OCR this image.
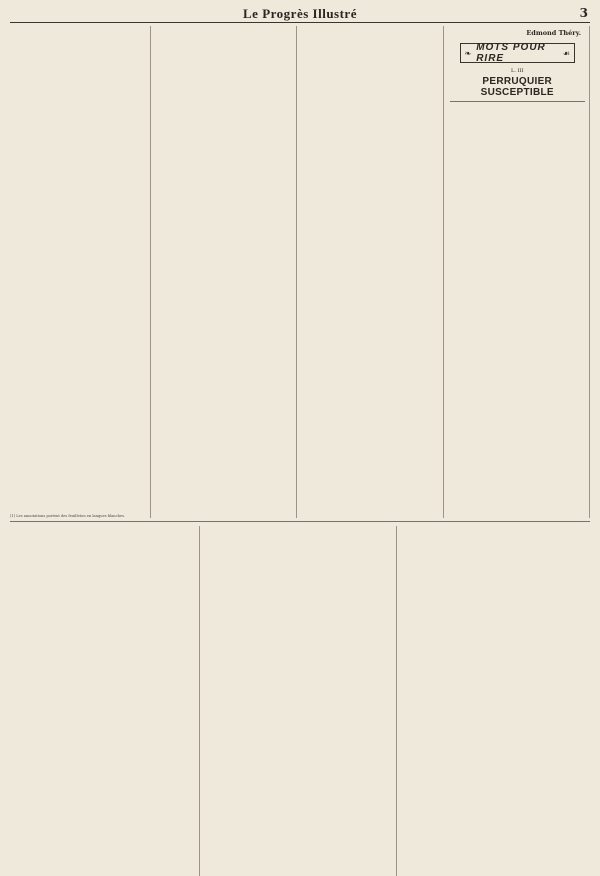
Le Progrès Illustré	3

Edmond Théry.
❧ MOTS POUR RIRE	☙

L. III
PERRUQUIER SUSCEPTIBLE

(1) Les annotations portent des feuilleton en langues blanches.
